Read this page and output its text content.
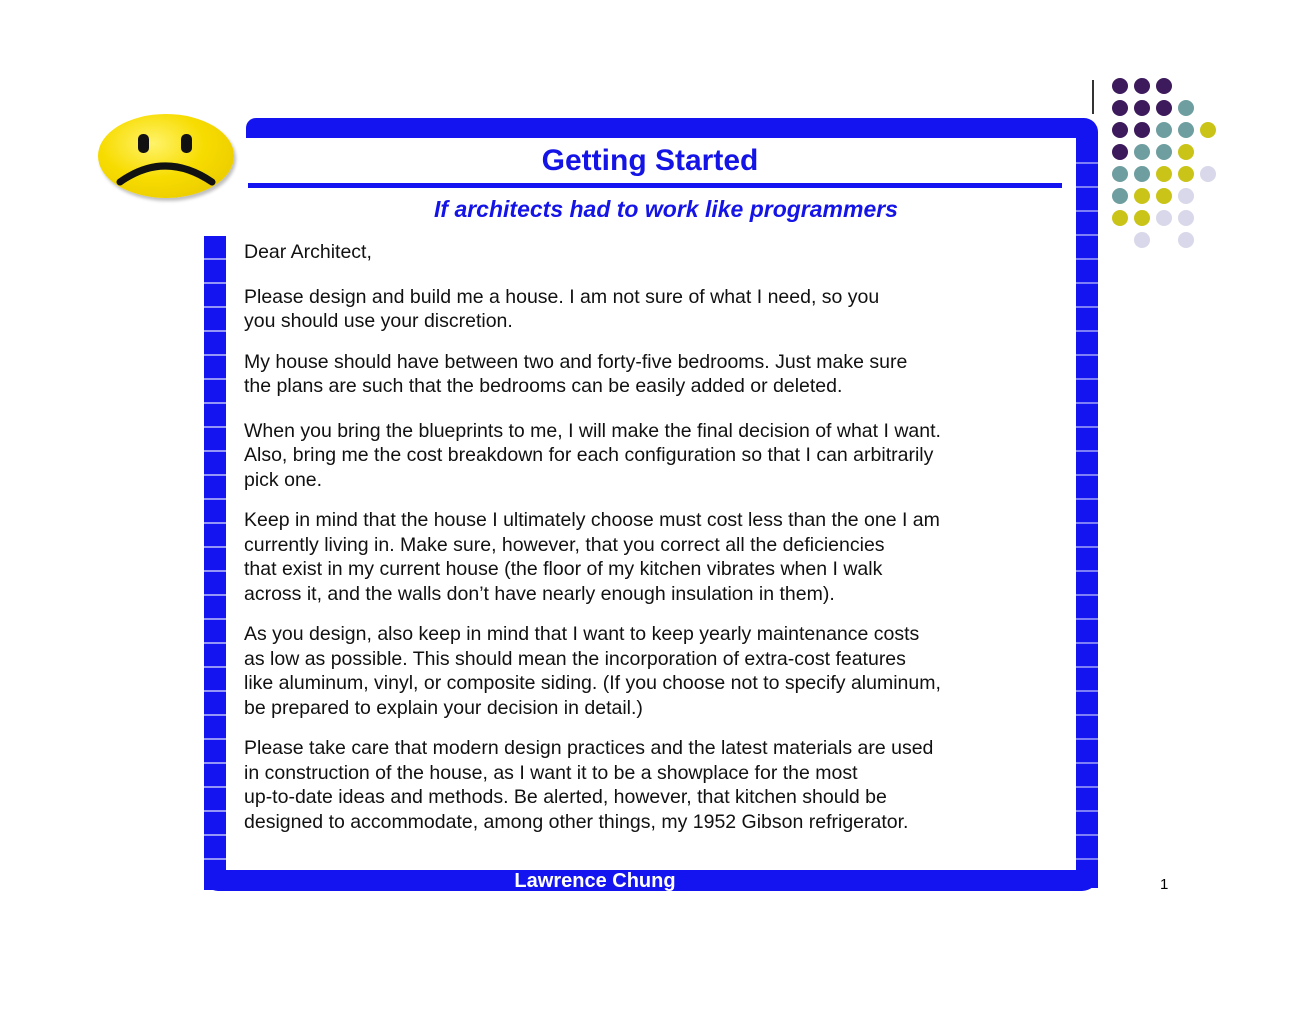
Getting Started
If architects had to work like programmers

Dear Architect,

Please design and build me a house. I am not sure of what I need, so you
you should use your discretion.

My house should have between two and forty-five bedrooms. Just make sure
the plans are such that the bedrooms can be easily added or deleted.

When you bring the blueprints to me, I will make the final decision of what I want.
Also, bring me the cost breakdown for each configuration so that I can arbitrarily
pick one.

Keep in mind that the house I ultimately choose must cost less than the one I am
currently living in. Make sure, however, that you correct all the deficiencies
that exist in my current house (the floor of my kitchen vibrates when I walk
across it, and the walls don’t have nearly enough insulation in them).

As you design, also keep in mind that I want to keep yearly maintenance costs
as low as possible. This should mean the incorporation of extra-cost features
like aluminum, vinyl, or composite siding. (If you choose not to specify aluminum,
be prepared to explain your decision in detail.)

Please take care that modern design practices and the latest materials are used
in construction of the house, as I want it to be a showplace for the most
up-to-date ideas and methods. Be alerted, however, that kitchen should be
designed to accommodate, among other things, my 1952 Gibson refrigerator.

Lawrence Chung	1
